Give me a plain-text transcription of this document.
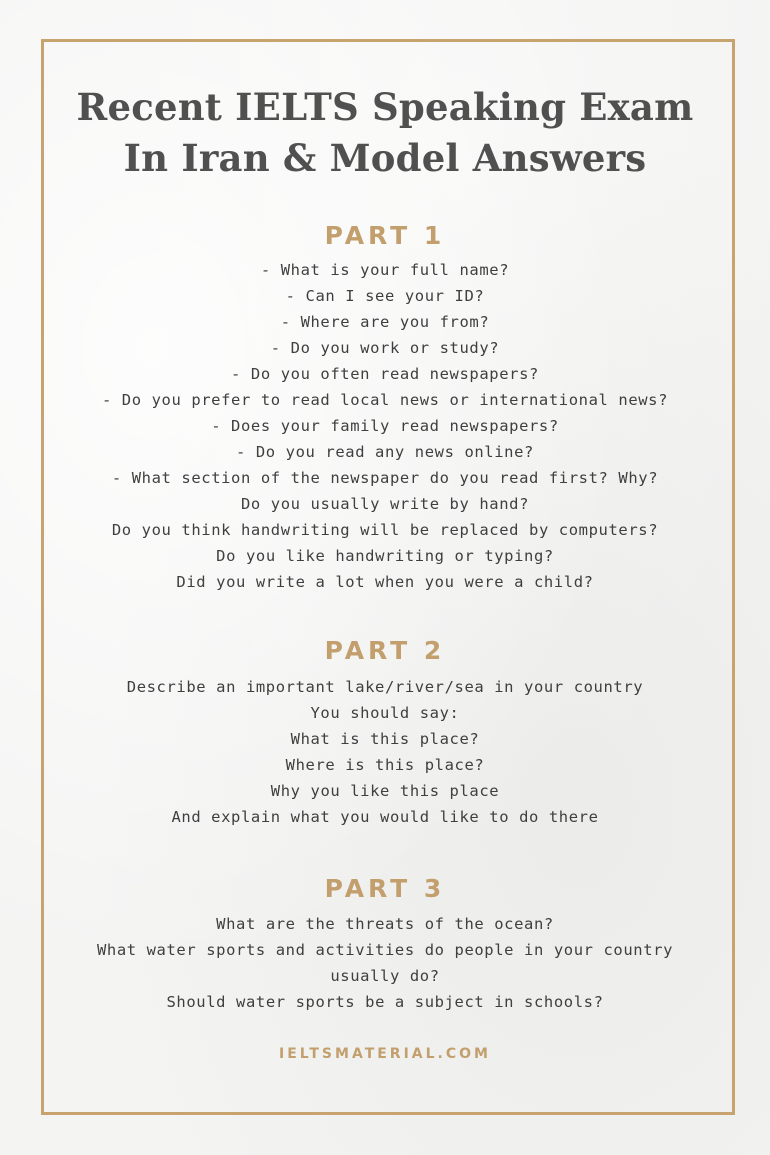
Recent IELTS Speaking Exam
In Iran & Model Answers
PART 1
- What is your full name?
- Can I see your ID?
- Where are you from?
- Do you work or study?
- Do you often read newspapers?
- Do you prefer to read local news or international news?
- Does your family read newspapers?
- Do you read any news online?
- What section of the newspaper do you read first? Why?
Do you usually write by hand?
Do you think handwriting will be replaced by computers?
Do you like handwriting or typing?
Did you write a lot when you were a child?
PART 2
Describe an important lake/river/sea in your country
You should say:
What is this place?
Where is this place?
Why you like this place
And explain what you would like to do there
PART 3
What are the threats of the ocean?
What water sports and activities do people in your country
usually do?
Should water sports be a subject in schools?
IELTSMATERIAL.COM
